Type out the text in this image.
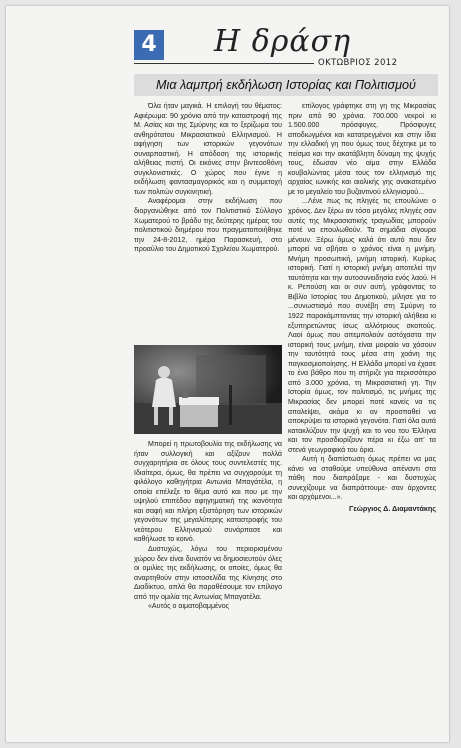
4 Η δράση
ΟΚΤΩΒΡΙΟΣ 2012
Μια λαμπρή εκδήλωση Ιστορίας και Πολιτισμού

Όλα ήταν μαγικά. Η επιλογή του θέματος: Αφιέρωμα: 90 χρόνια από την καταστροφή της Μ. Ασίας και της Σμύρνης και το ξερίζωμα του ανθηρότατου Μικρασιατικού Ελληνισμού. Η αφήγηση των ιστορικών γεγονότων συναρπαστική. Η απόδοση της ιστορικής αλήθειας πιστή. Οι εικόνες στην βιντεοοθόνη συγκλονιστικές. Ο χώρος που έγινε η εκδήλωση φαντασμαγορικός και η συμμετοχή των πολιτών συγκινητική.

Αναφέρομαι στην εκδήλωση που διοργανώθηκε από τον Πολιτιστικό Σύλλογο Χωματερού το βράδυ της δεύτερης ημέρας του πολιτιστικού διημέρου που πραγματοποιήθηκε την 24-8-2012, ημέρα Παρασκευή, στο προαύλιο του Δημοτικού Σχολείου Χωματερού.

Μπορεί η πρωτοβουλία της εκδήλωσης να ήταν συλλογική και αξίζουν πολλά συγχαρητήρια σε όλους τους συντελεστές της. Ιδιαίτερα, όμως, θα πρέπει να συγχαρούμε τη φιλόλογο καθηγήτρια Αντωνία Μπαγάτέλα, η οποία επέλεξε το θέμα αυτό και που με την υψηλού επιπέδου αφηγηματική της ικανότητα και σαφή και πλήρη εξιστόρηση των ιστορικών γεγονότων της μεγαλύτερης καταστροφής του νεότερου Ελληνισμού συνάρπασε και καθήλωσε το κοινό.

Δυστυχώς, λόγω του περιορισμένου χώρου δεν είναι δυνατόν να δημοσιευτούν όλες οι ομιλίες της εκδήλωσης, οι οποίες, όμως θα αναρτηθούν στην ιστοσελίδα της Κίνησης στο Διαδίκτυο, απλά θα παραθέσουμε τον επίλογο από την ομιλία της Αντωνίας Μπαγατέλα.

«Αυτός ο αιματοβαμμένος

επίλογος γράφτηκε στη γη της Μικρασίας πριν από 90 χρόνια. 700.000 νεκροί κι 1.500.000 πρόσφυγες. Πρόσφυγες αποδιωγμένοι και κατατρεγμένοι και στην ίδια την ελλαδική γη που όμως τους δέχτηκε με το πείσμα και την ακατάβλητη δύναμη της ψυχής τους, έδωσαν νέο αίμα στην Ελλάδα κουβαλώντας μέσα τους τον ελληνισμό της αρχαίας ιωνικής και αιολικής γης ανακατεμένο με το μεγαλείο του βυζαντινού ελληνισμού...

...Λένε πως τις πληγές τις επουλώνει ο χρόνος. Δεν ξέρω αν τόσο μεγάλες πληγές σαν αυτές της Μικρασιατικής τραγωδίας μπορούν ποτέ να επουλωθούν. Τα σημάδια σίγουρα μένουν. Ξέρω όμως καλά ότι αυτό που δεν μπορεί να σβήσει ο χρόνος είναι η μνήμη. Μνήμη προσωπική, μνήμη ιστορική. Κυρίως ιστορική. Γιατί η ιστορική μνήμη αποτελεί την ταυτότητα και την αυτοσυνειδησία ενός λαού. Η κ. Ρεπούση και οι συν αυτή, γράφοντας το Βιβλίο Ιστορίας του Δημοτικού, μίλησε για το ...συνωστισμό που συνέβη στη Σμύρνη το 1922 παρακάμπτοντας την ιστορική αλήθεια κι εξυπηρετώντας ίσως αλλότριους σκοπούς. Λαοί όμως που απεμπολούν αστόχαστα την ιστορική τους μνήμη, είναι μοιραίο να χάσουν την ταυτότητά τους μέσα στη χοάνη της παγκοσμιοποίησης. Η Ελλάδα μπορεί να έχασε το ένα βάθρο που τη στήριζε για περισσότερο από 3.000 χρόνια, τη Μικρασιατική γη. Την Ιστορία όμως, τον πολιτισμό, τις μνήμες της Μικρασίας δεν μπορεί ποτέ κανείς να τις απαλείψει, ακόμα κι αν προσπαθεί να αποκρύψει τα ιστορικά γεγονότα. Γιατί όλα αυτά κατακλύζουν την ψυχή και το νου του Έλληνα και τον προσδιορίζουν πέρα κι έξω απ' τα στενά γεωγραφικά του όρια.

Αυτή η διαπίστωση όμως πρέπει να μας κάνει να σταθούμε υπεύθυνα απέναντι στα πάθη που διαπράξαμε - και δυστυχώς συνεχίζουμε να διαπράττουμε- σαν άρχοντες και αρχόμενοι...».

Γεώργιος Δ. Διαμαντάκης
